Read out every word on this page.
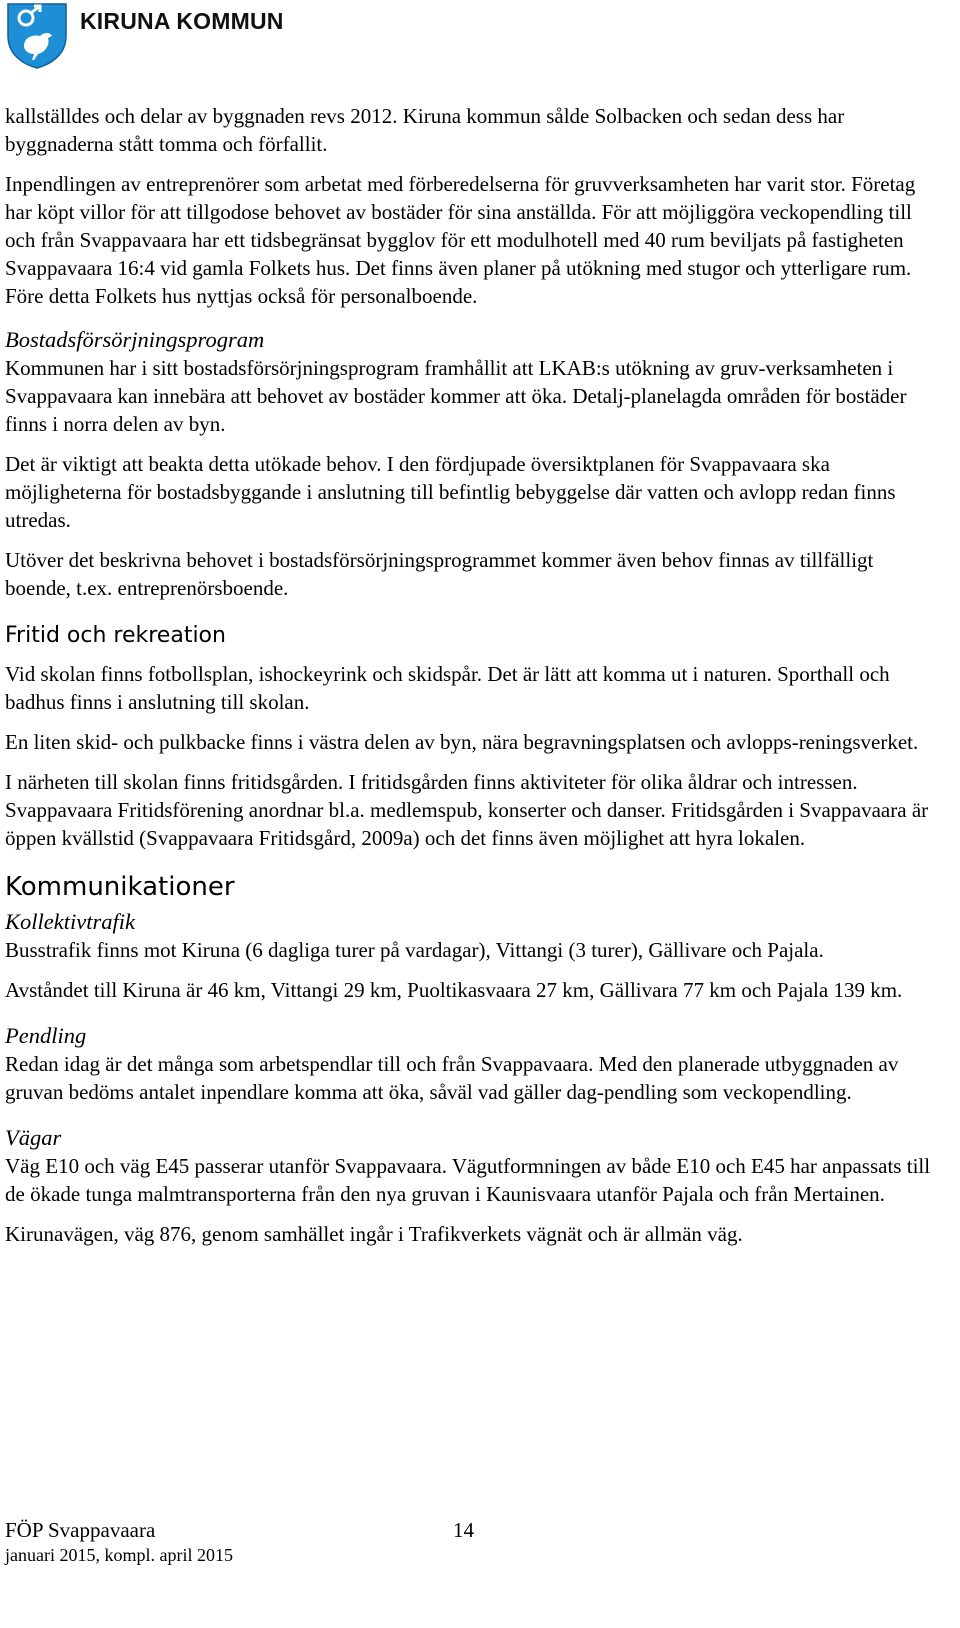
KIRUNA KOMMUN

kallställdes och delar av byggnaden revs 2012. Kiruna kommun sålde Solbacken och sedan dess har byggnaderna stått tomma och förfallit.

Inpendlingen av entreprenörer som arbetat med förberedelserna för gruvverksamheten har varit stor. Företag har köpt villor för att tillgodose behovet av bostäder för sina anställda. För att möjliggöra veckopendling till och från Svappavaara har ett tidsbegränsat bygglov för ett modulhotell med 40 rum beviljats på fastigheten Svappavaara 16:4 vid gamla Folkets hus. Det finns även planer på utökning med stugor och ytterligare rum. Före detta Folkets hus nyttjas också för personalboende.

Bostadsförsörjningsprogram

Kommunen har i sitt bostadsförsörjningsprogram framhållit att LKAB:s utökning av gruv-verksamheten i Svappavaara kan innebära att behovet av bostäder kommer att öka. Detalj-planelagda områden för bostäder finns i norra delen av byn.

Det är viktigt att beakta detta utökade behov. I den fördjupade översiktplanen för Svappavaara ska möjligheterna för bostadsbyggande i anslutning till befintlig bebyggelse där vatten och avlopp redan finns utredas.

Utöver det beskrivna behovet i bostadsförsörjningsprogrammet kommer även behov finnas av tillfälligt boende, t.ex. entreprenörsboende.

Fritid och rekreation

Vid skolan finns fotbollsplan, ishockeyrink och skidspår. Det är lätt att komma ut i naturen. Sporthall och badhus finns i anslutning till skolan.

En liten skid- och pulkbacke finns i västra delen av byn, nära begravningsplatsen och avlopps-reningsverket.

I närheten till skolan finns fritidsgården. I fritidsgården finns aktiviteter för olika åldrar och intressen. Svappavaara Fritidsförening anordnar bl.a. medlemspub, konserter och danser. Fritidsgården i Svappavaara är öppen kvällstid (Svappavaara Fritidsgård, 2009a) och det finns även möjlighet att hyra lokalen.

Kommunikationer
Kollektivtrafik

Busstrafik finns mot Kiruna (6 dagliga turer på vardagar), Vittangi (3 turer), Gällivare och Pajala.

Avståndet till Kiruna är 46 km, Vittangi 29 km, Puoltikasvaara 27 km, Gällivara 77 km och Pajala 139 km.

Pendling

Redan idag är det många som arbetspendlar till och från Svappavaara. Med den planerade utbyggnaden av gruvan bedöms antalet inpendlare komma att öka, såväl vad gäller dag-pendling som veckopendling.

Vägar

Väg E10 och väg E45 passerar utanför Svappavaara. Vägutformningen av både E10 och E45 har anpassats till de ökade tunga malmtransporterna från den nya gruvan i Kaunisvaara utanför Pajala och från Mertainen.

Kirunavägen, väg 876, genom samhället ingår i Trafikverkets vägnät och är allmän väg.

FÖP Svappavaara	14
januari 2015, kompl. april 2015
